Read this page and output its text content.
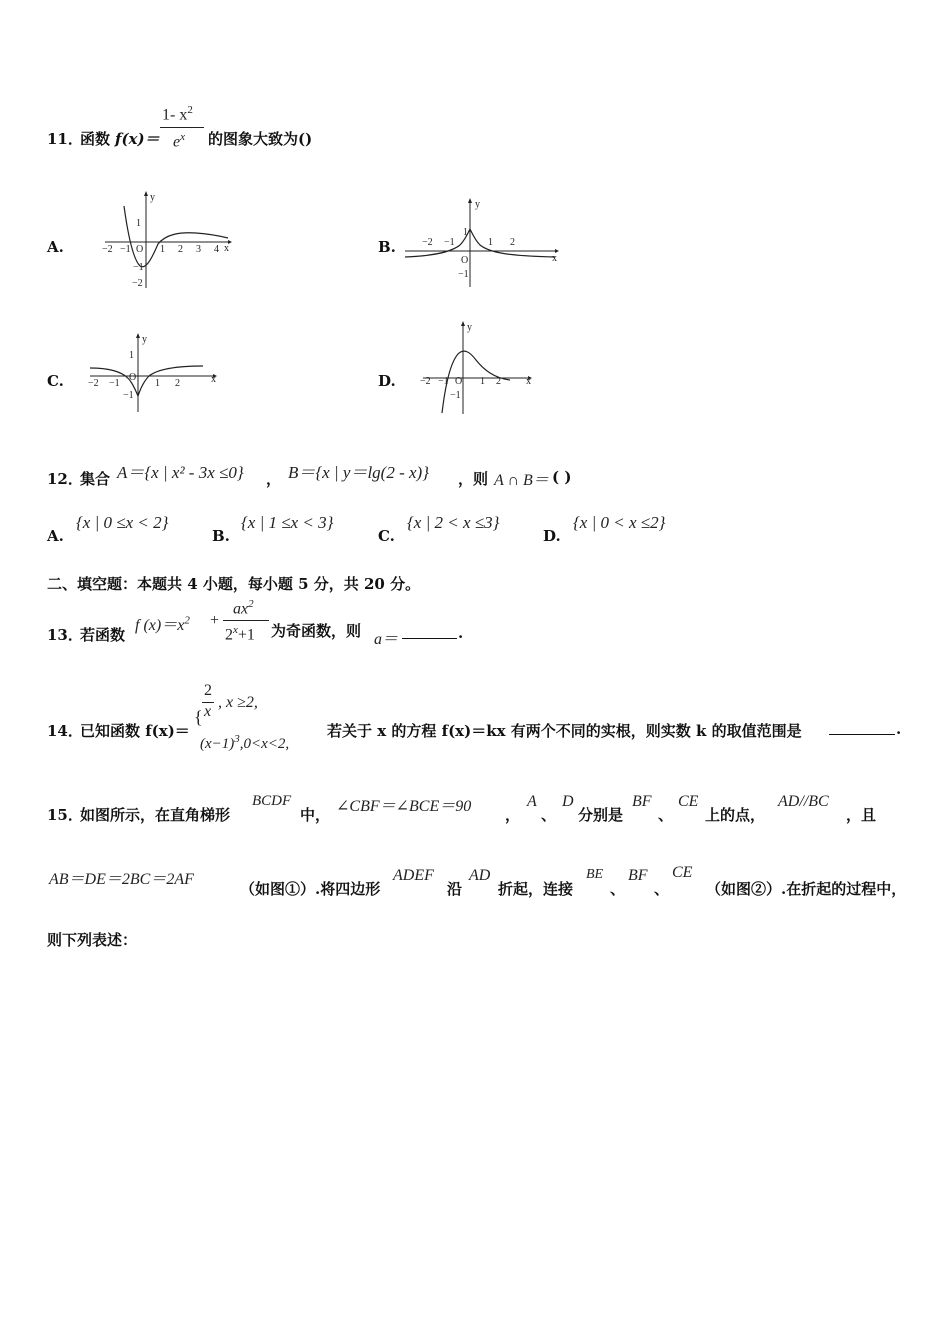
11．
函数 f(x)＝
1- $x^2$
$e^x$ 的图象大致为()
A.
y
x
−2 −1 O 1 2 3 4
1
−1
−2
B.
y
x
−2 −1
O
1 2
1
−1
C.
y
x
−2 −1
O
1 2
1
−1
D.
y
x
−2 −1 O 1 2
−1
12．
集合 A＝{x | x² - 3x ≤0} ， B＝{x | y＝lg(2 - x)} ，则 A ∩ B＝ ( )
A.
{x | 0 ≤x < 2}
B.
{x | 1 ≤x < 3}
C.
{x | 2 < x ≤3}
D.
{x | 0 < x ≤2}
二、填空题：本题共 4 小题，每小题 5 分，共 20 分。
13．
若函数
f $(x)=x^2$ +
$ax^2$
$2^x+1$ 为奇函数，则 a＝	.
14．
已知函数 f(x)＝
{
2
x
, x ≥2,
$(x-1)^3,0<x<2$,
若关于 x 的方程 f(x)＝kx 有两个不同的实根，则实数 k 的取值范围是	.
15．
如图所示，在直角梯形
BCDF
中， ∠CBF＝∠BCE＝90 ，
A
、
D
分别是
BF
、
CE
上的点，
AD//BC
，且
AB＝DE＝2BC＝2AF
（如图①）.将四边形
ADEF
沿
AD
折起，连接
BE
、
BF
、
CE
（如图②）.在折起的过程中，
则下列表述：
